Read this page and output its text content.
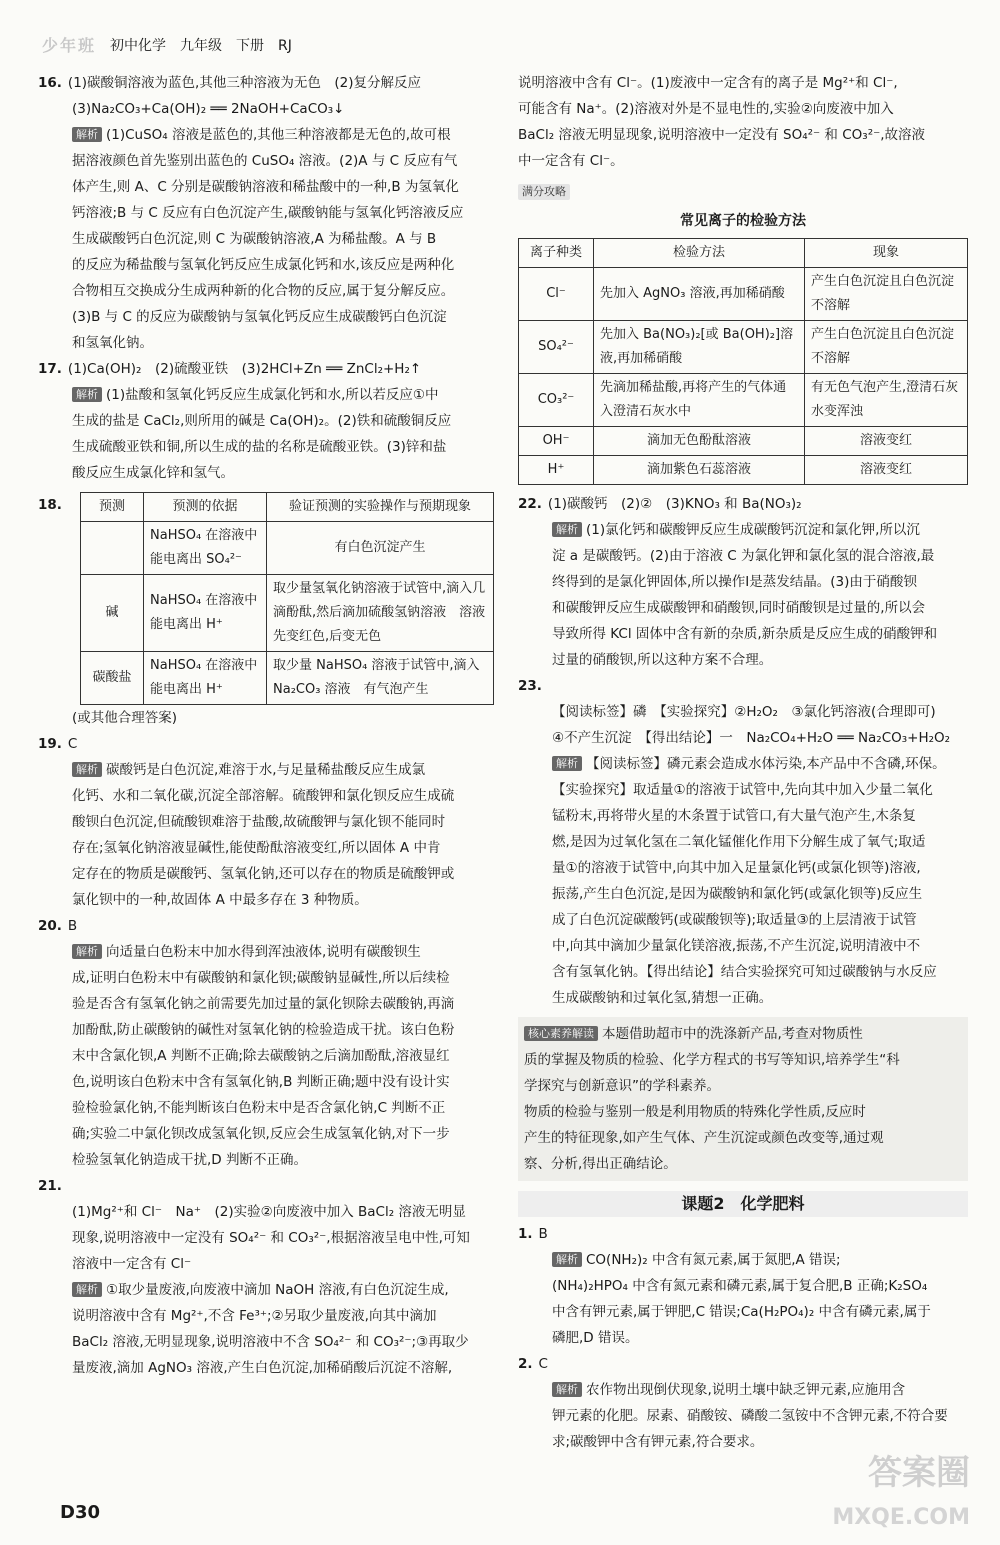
少年班 初中化学 九年级 下册 RJ

16. (1)碳酸铜溶液为蓝色,其他三种溶液为无色　(2)复分解反应

(3)Na₂CO₃+Ca(OH)₂ ══ 2NaOH+CaCO₃↓

解析 (1)CuSO₄ 溶液是蓝色的,其他三种溶液都是无色的,故可根

据溶液颜色首先鉴别出蓝色的 CuSO₄ 溶液。(2)A 与 C 反应有气

体产生,则 A、C 分别是碳酸钠溶液和稀盐酸中的一种,B 为氢氧化

钙溶液;B 与 C 反应有白色沉淀产生,碳酸钠能与氢氧化钙溶液反应

生成碳酸钙白色沉淀,则 C 为碳酸钠溶液,A 为稀盐酸。A 与 B

的反应为稀盐酸与氢氧化钙反应生成氯化钙和水,该反应是两种化

合物相互交换成分生成两种新的化合物的反应,属于复分解反应。

(3)B 与 C 的反应为碳酸钠与氢氧化钙反应生成碳酸钙白色沉淀

和氢氧化钠。

17. (1)Ca(OH)₂　(2)硫酸亚铁　(3)2HCl+Zn ══ ZnCl₂+H₂↑

解析 (1)盐酸和氢氧化钙反应生成氯化钙和水,所以若反应①中

生成的盐是 CaCl₂,则所用的碱是 Ca(OH)₂。(2)铁和硫酸铜反应

生成硫酸亚铁和铜,所以生成的盐的名称是硫酸亚铁。(3)锌和盐

酸反应生成氯化锌和氢气。

18.	预测	预测的依据	验证预测的实验操作与预期现象
	NaHSO₄ 在溶液中能电离出 SO₄²⁻	有白色沉淀产生
碱	NaHSO₄ 在溶液中能电离出 H⁺	取少量氢氧化钠溶液于试管中,滴入几滴酚酞,然后滴加硫酸氢钠溶液　溶液先变红色,后变无色
碳酸盐	NaHSO₄ 在溶液中能电离出 H⁺	取少量 NaHSO₄ 溶液于试管中,滴入 Na₂CO₃ 溶液　有气泡产生

(或其他合理答案)

19. C

解析 碳酸钙是白色沉淀,难溶于水,与足量稀盐酸反应生成氯

化钙、水和二氧化碳,沉淀全部溶解。硫酸钾和氯化钡反应生成硫

酸钡白色沉淀,但硫酸钡难溶于盐酸,故硫酸钾与氯化钡不能同时

存在;氢氧化钠溶液显碱性,能使酚酞溶液变红,所以固体 A 中肯

定存在的物质是碳酸钙、氢氧化钠,还可以存在的物质是硫酸钾或

氯化钡中的一种,故固体 A 中最多存在 3 种物质。

20. B

解析 向适量白色粉末中加水得到浑浊液体,说明有碳酸钡生

成,证明白色粉末中有碳酸钠和氯化钡;碳酸钠显碱性,所以后续检

验是否含有氢氧化钠之前需要先加过量的氯化钡除去碳酸钠,再滴

加酚酞,防止碳酸钠的碱性对氢氧化钠的检验造成干扰。该白色粉

末中含氯化钡,A 判断不正确;除去碳酸钠之后滴加酚酞,溶液显红

色,说明该白色粉末中含有氢氧化钠,B 判断正确;题中没有设计实

验检验氯化钠,不能判断该白色粉末中是否含氯化钠,C 判断不正

确;实验二中氯化钡改成氢氧化钡,反应会生成氢氧化钠,对下一步

检验氢氧化钠造成干扰,D 判断不正确。

21.

(1)Mg²⁺和 Cl⁻　Na⁺　(2)实验②向废液中加入 BaCl₂ 溶液无明显

现象,说明溶液中一定没有 SO₄²⁻ 和 CO₃²⁻,根据溶液呈电中性,可知

溶液中一定含有 Cl⁻

解析 ①取少量废液,向废液中滴加 NaOH 溶液,有白色沉淀生成,

说明溶液中含有 Mg²⁺,不含 Fe³⁺;②另取少量废液,向其中滴加

BaCl₂ 溶液,无明显现象,说明溶液中不含 SO₄²⁻ 和 CO₃²⁻;③再取少

量废液,滴加 AgNO₃ 溶液,产生白色沉淀,加稀硝酸后沉淀不溶解,

说明溶液中含有 Cl⁻。(1)废液中一定含有的离子是 Mg²⁺和 Cl⁻,

可能含有 Na⁺。(2)溶液对外是不显电性的,实验②向废液中加入

BaCl₂ 溶液无明显现象,说明溶液中一定没有 SO₄²⁻ 和 CO₃²⁻,故溶液

中一定含有 Cl⁻。

满分攻略
常见离子的检验方法
离子种类	检验方法	现象
Cl⁻	先加入 AgNO₃ 溶液,再加稀硝酸	产生白色沉淀且白色沉淀不溶解
SO₄²⁻	先加入 Ba(NO₃)₂[或 Ba(OH)₂]溶液,再加稀硝酸	产生白色沉淀且白色沉淀不溶解
CO₃²⁻	先滴加稀盐酸,再将产生的气体通入澄清石灰水中	有无色气泡产生,澄清石灰水变浑浊
OH⁻	滴加无色酚酞溶液	溶液变红
H⁺	滴加紫色石蕊溶液	溶液变红

22. (1)碳酸钙　(2)②　(3)KNO₃ 和 Ba(NO₃)₂

解析 (1)氯化钙和碳酸钾反应生成碳酸钙沉淀和氯化钾,所以沉

淀 a 是碳酸钙。(2)由于溶液 C 为氯化钾和氯化氢的混合溶液,最

终得到的是氯化钾固体,所以操作Ⅰ是蒸发结晶。(3)由于硝酸钡

和碳酸钾反应生成碳酸钾和硝酸钡,同时硝酸钡是过量的,所以会

导致所得 KCl 固体中含有新的杂质,新杂质是反应生成的硝酸钾和

过量的硝酸钡,所以这种方案不合理。

23.

【阅读标签】磷　【实验探究】②H₂O₂　③氯化钙溶液(合理即可)

④不产生沉淀　【得出结论】一　Na₂CO₄+H₂O ══ Na₂CO₃+H₂O₂

解析 【阅读标签】磷元素会造成水体污染,本产品中不含磷,环保。

【实验探究】取适量①的溶液于试管中,先向其中加入少量二氧化

锰粉末,再将带火星的木条置于试管口,有大量气泡产生,木条复

燃,是因为过氧化氢在二氧化锰催化作用下分解生成了氧气;取适

量①的溶液于试管中,向其中加入足量氯化钙(或氯化钡等)溶液,

振荡,产生白色沉淀,是因为碳酸钠和氯化钙(或氯化钡等)反应生

成了白色沉淀碳酸钙(或碳酸钡等);取适量③的上层清液于试管

中,向其中滴加少量氯化镁溶液,振荡,不产生沉淀,说明清液中不

含有氢氧化钠。【得出结论】结合实验探究可知过碳酸钠与水反应

生成碳酸钠和过氧化氢,猜想一正确。

核心素养解读 本题借助超市中的洗涤新产品,考查对物质性

质的掌握及物质的检验、化学方程式的书写等知识,培养学生“科

学探究与创新意识”的学科素养。

物质的检验与鉴别一般是利用物质的特殊化学性质,反应时

产生的特征现象,如产生气体、产生沉淀或颜色改变等,通过观

察、分析,得出正确结论。

课题2　化学肥料

1. B

解析 CO(NH₂)₂ 中含有氮元素,属于氮肥,A 错误;

(NH₄)₂HPO₄ 中含有氮元素和磷元素,属于复合肥,B 正确;K₂SO₄

中含有钾元素,属于钾肥,C 错误;Ca(H₂PO₄)₂ 中含有磷元素,属于

磷肥,D 错误。

2. C

解析 农作物出现倒伏现象,说明土壤中缺乏钾元素,应施用含

钾元素的化肥。尿素、硝酸铵、磷酸二氢铵中不含钾元素,不符合要

求;碳酸钾中含有钾元素,符合要求。

D30
答案圈
MXQE.COM
